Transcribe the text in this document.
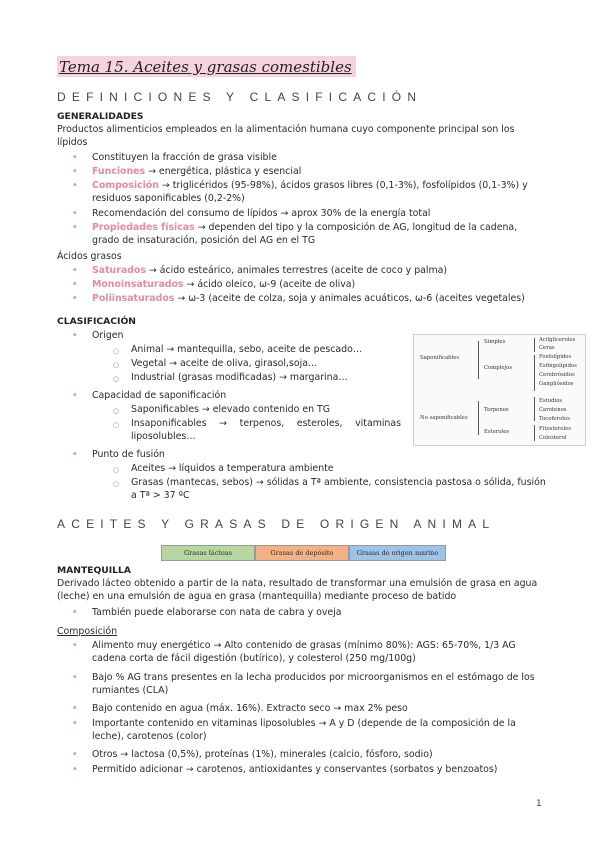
Tema 15. Aceites y grasas comestibles
DEFINICIONES Y CLASIFICACIÓN
GENERALIDADES
Productos alimenticios empleados en la alimentación humana cuyo componente principal son los lípidos
• Constituyen la fracción de grasa visible
• Funciones → energética, plástica y esencial
• Composición → triglicéridos (95-98%), ácidos grasos libres (0,1-3%), fosfolípidos (0,1-3%) y residuos saponificables (0,2-2%)
• Recomendación del consumo de lípidos → aprox 30% de la energía total
• Propiedades físicas → dependen del tipo y la composición de AG, longitud de la cadena, grado de insaturación, posición del AG en el TG
Ácidos grasos
• Saturados → ácido esteárico, animales terrestres (aceite de coco y palma)
• Monoinsaturados → ácido oleico, ω-9 (aceite de oliva)
• Poliinsaturados → ω-3 (aceite de colza, soja y animales acuáticos, ω-6 (aceites vegetales)
CLASIFICACIÓN
• Origen
○ Animal → mantequilla, sebo, aceite de pescado…
○ Vegetal → aceite de oliva, girasol,soja…
○ Industrial (grasas modificadas) → margarina…
• Capacidad de saponificación
○ Saponificables → elevado contenido en TG
○ Insaponificables → terpenos, esteroles, vitaminas liposolubles…
• Punto de fusión
○ Aceites → líquidos a temperatura ambiente
○ Grasas (mantecas, sebos) → sólidas a Tª ambiente, consistencia pastosa o sólida, fusión a Tª > 37 ºC
Saponificables
No saponificables
Simples
Complejos
Terpenos
Esteroles
Acilgliceroles
Ceras
Fosfolípidos
Esfingolípidos
Cerebrósidos
Gangliósidos
Estudios
Carotenos
Tocoferoles
Fitosteroles
Colesterol
ACEITES Y GRASAS DE ORIGEN ANIMAL
Grasas lácteas	Grasas de depósito	Grasas de origen marino
MANTEQUILLA
Derivado lácteo obtenido a partir de la nata, resultado de transformar una emulsión de grasa en agua (leche) en una emulsión de agua en grasa (mantequilla) mediante proceso de batido
• También puede elaborarse con nata de cabra y oveja
Composición
• Alimento muy energético → Alto contenido de grasas (mínimo 80%): AGS: 65-70%, 1/3 AG cadena corta de fácil digestión (butírico), y colesterol (250 mg/100g)
• Bajo % AG trans presentes en la lecha producidos por microorganismos en el estómago de los rumiantes (CLA)
• Bajo contenido en agua (máx. 16%). Extracto seco → max 2% peso
• Importante contenido en vitaminas liposolubles → A y D (depende de la composición de la leche), carotenos (color)
• Otros → lactosa (0,5%), proteínas (1%), minerales (calcio, fósforo, sodio)
• Permitido adicionar → carotenos, antioxidantes y conservantes (sorbatos y benzoatos)
1
